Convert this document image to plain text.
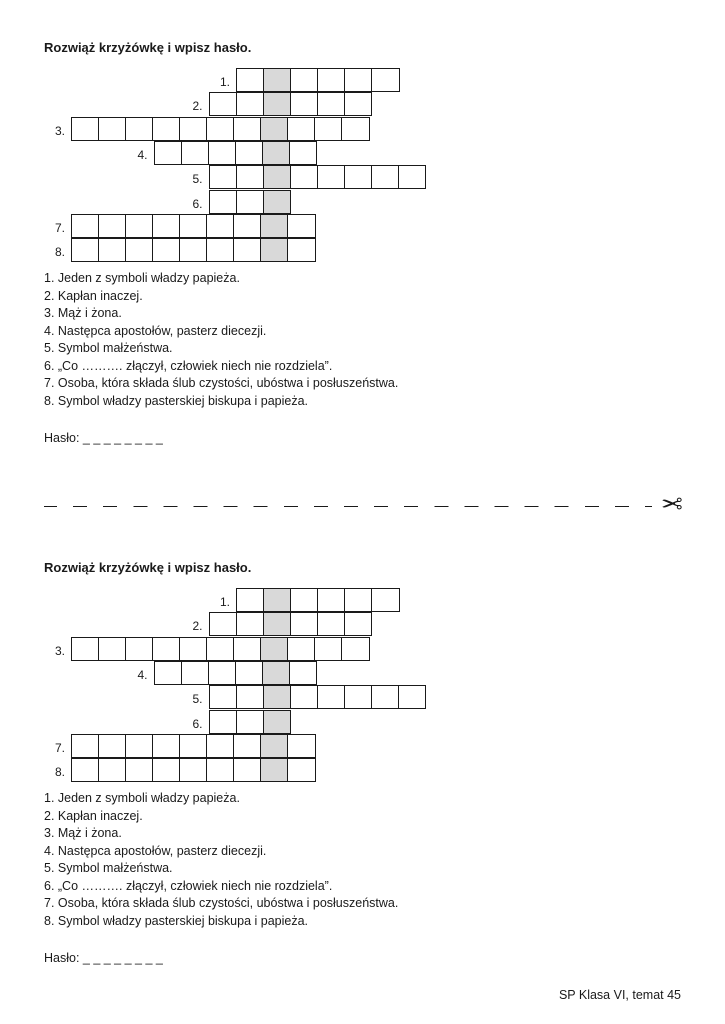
Rozwiąż krzyżówkę i wpisz hasło.
1.
2.
3.
4.
5.
6.
7.
8.
1. Jeden z symboli władzy papieża.
2. Kapłan inaczej.
3. Mąż i żona.
4. Następca apostołów, pasterz diecezji.
5. Symbol małżeństwa.
6. „Co ………. złączył, człowiek niech nie rozdziela”.
7. Osoba, która składa ślub czystości, ubóstwa i posłuszeństwa.
8. Symbol władzy pasterskiej biskupa i papieża.
Hasło: _ _ _ _ _ _ _ _
✂
Rozwiąż krzyżówkę i wpisz hasło.
1.
2.
3.
4.
5.
6.
7.
8.
1. Jeden z symboli władzy papieża.
2. Kapłan inaczej.
3. Mąż i żona.
4. Następca apostołów, pasterz diecezji.
5. Symbol małżeństwa.
6. „Co ………. złączył, człowiek niech nie rozdziela”.
7. Osoba, która składa ślub czystości, ubóstwa i posłuszeństwa.
8. Symbol władzy pasterskiej biskupa i papieża.
Hasło: _ _ _ _ _ _ _ _
SP Klasa VI, temat 45
